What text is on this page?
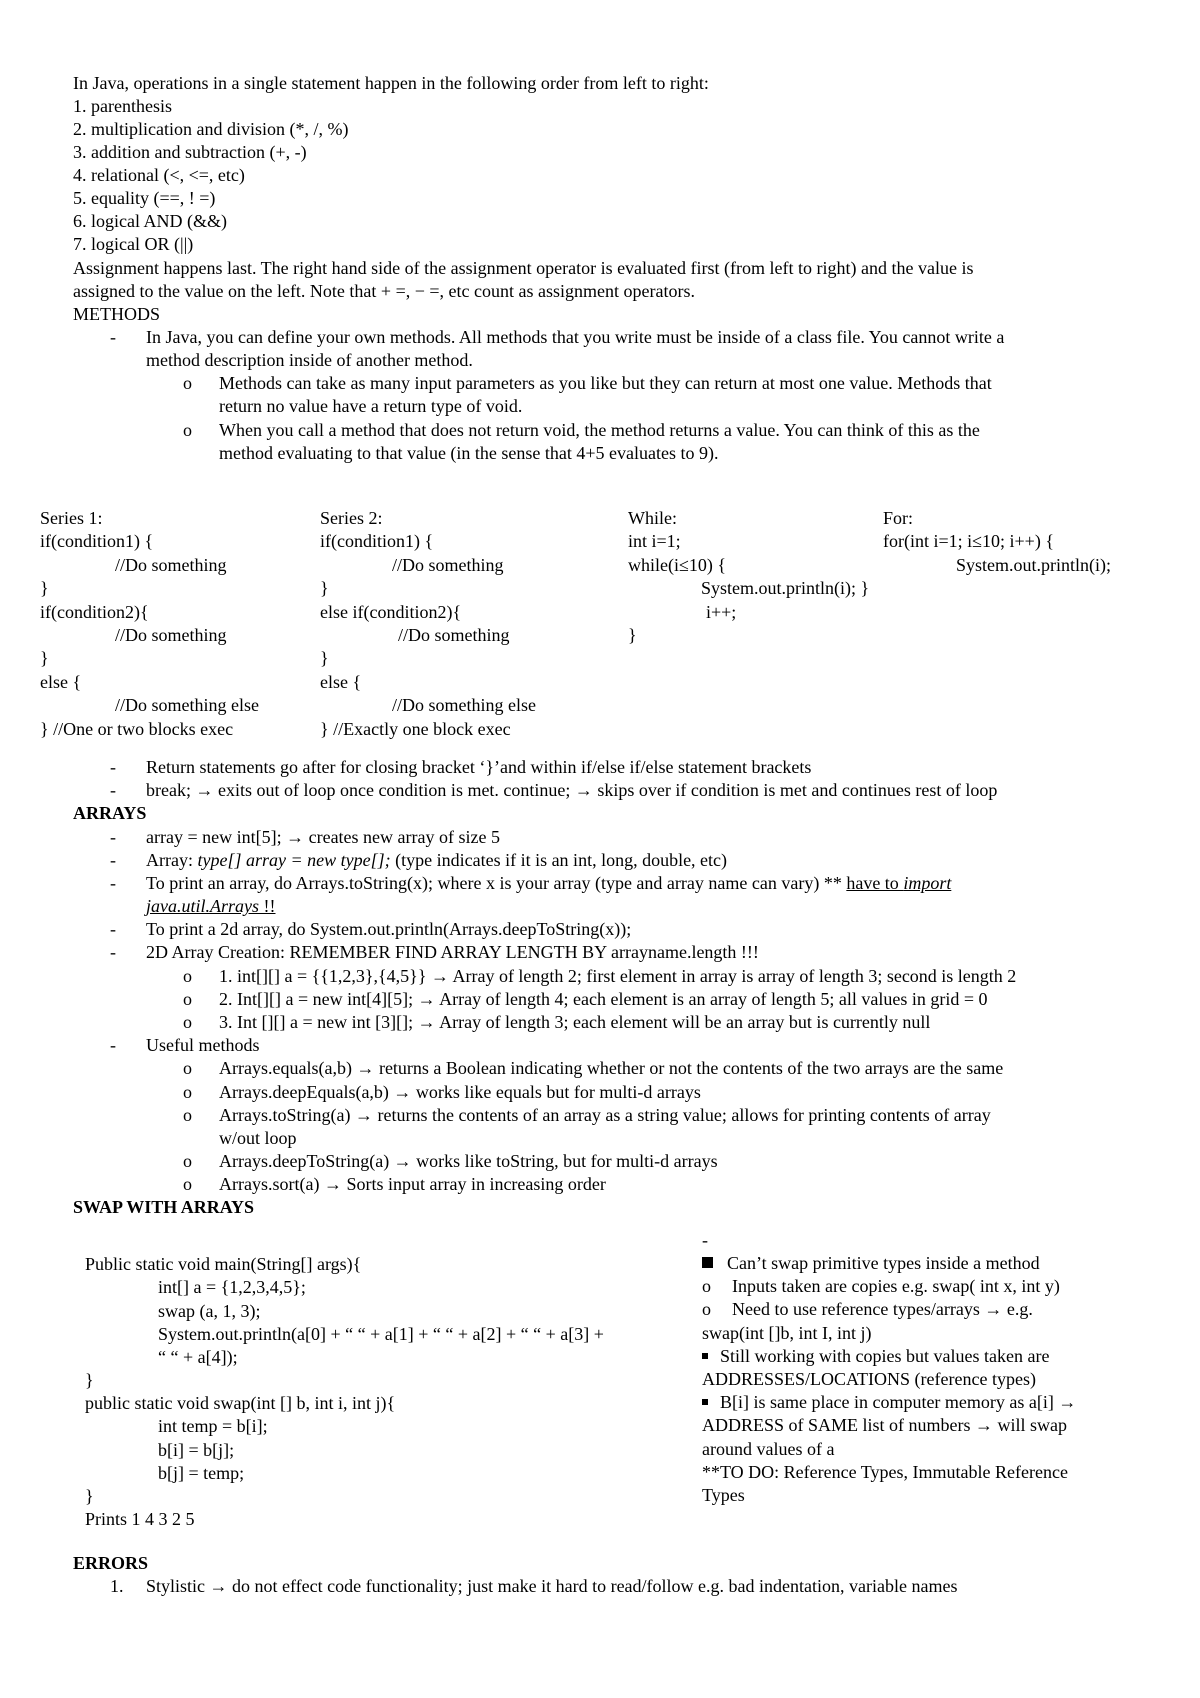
In Java, operations in a single statement happen in the following order from left to right:
1. parenthesis
2. multiplication and division (*, /, %)
3. addition and subtraction (+, -)
4. relational (<, <=, etc)
5. equality (==, ! =)
6. logical AND (&&)
7. logical OR (||)
Assignment happens last. The right hand side of the assignment operator is evaluated first (from left to right) and the value is
assigned to the value on the left. Note that + =, − =, etc count as assignment operators.
METHODS
- In Java, you can define your own methods. All methods that you write must be inside of a class file. You cannot write a
method description inside of another method.
o Methods can take as many input parameters as you like but they can return at most one value. Methods that
return no value have a return type of void.
o When you call a method that does not return void, the method returns a value. You can think of this as the
method evaluating to that value (in the sense that 4+5 evaluates to 9).
Series 1:
if(condition1) {
//Do something
}
if(condition2){
//Do something
}
else {
//Do something else
} //One or two blocks exec
Series 2:
if(condition1) {
//Do something
}
else if(condition2){
//Do something
}
else {
//Do something else
} //Exactly one block exec
While:
int i=1;
while(i≤10) {
System.out.println(i); }
i++;
}
For:
for(int i=1; i≤10; i++) {
System.out.println(i);
- Return statements go after for closing bracket ‘}’and within if/else if/else statement brackets
- break; → exits out of loop once condition is met. continue; → skips over if condition is met and continues rest of loop
ARRAYS
- array = new int[5]; → creates new array of size 5
- Array: type[] array = new type[]; (type indicates if it is an int, long, double, etc)
- To print an array, do Arrays.toString(x); where x is your array (type and array name can vary) ** have to import
java.util.Arrays !!
- To print a 2d array, do System.out.println(Arrays.deepToString(x));
- 2D Array Creation: REMEMBER FIND ARRAY LENGTH BY arrayname.length !!!
o 1. int[][] a = {{1,2,3},{4,5}} → Array of length 2; first element in array is array of length 3; second is length 2
o 2. Int[][] a = new int[4][5]; → Array of length 4; each element is an array of length 5; all values in grid = 0
o 3. Int [][] a = new int [3][]; → Array of length 3; each element will be an array but is currently null
- Useful methods
o Arrays.equals(a,b) → returns a Boolean indicating whether or not the contents of the two arrays are the same
o Arrays.deepEquals(a,b) → works like equals but for multi-d arrays
o Arrays.toString(a) → returns the contents of an array as a string value; allows for printing contents of array
w/out loop
o Arrays.deepToString(a) → works like toString, but for multi-d arrays
o Arrays.sort(a) → Sorts input array in increasing order
SWAP WITH ARRAYS
Public static void main(String[] args){
int[] a = {1,2,3,4,5};
swap (a, 1, 3);
System.out.println(a[0] + “ “ + a[1] + “ “ + a[2] + “ “ + a[3] +
“ “ + a[4]);
}
public static void swap(int [] b, int i, int j){
int temp = b[i];
b[i] = b[j];
b[j] = temp;
}
Prints 1 4 3 2 5
-
Can’t swap primitive types inside a method
o Inputs taken are copies e.g. swap( int x, int y)
o Need to use reference types/arrays → e.g.
swap(int []b, int I, int j)
Still working with copies but values taken are
ADDRESSES/LOCATIONS (reference types)
B[i] is same place in computer memory as a[i] →
ADDRESS of SAME list of numbers → will swap
around values of a
**TO DO: Reference Types, Immutable Reference
Types
ERRORS
1. Stylistic → do not effect code functionality; just make it hard to read/follow e.g. bad indentation, variable names
